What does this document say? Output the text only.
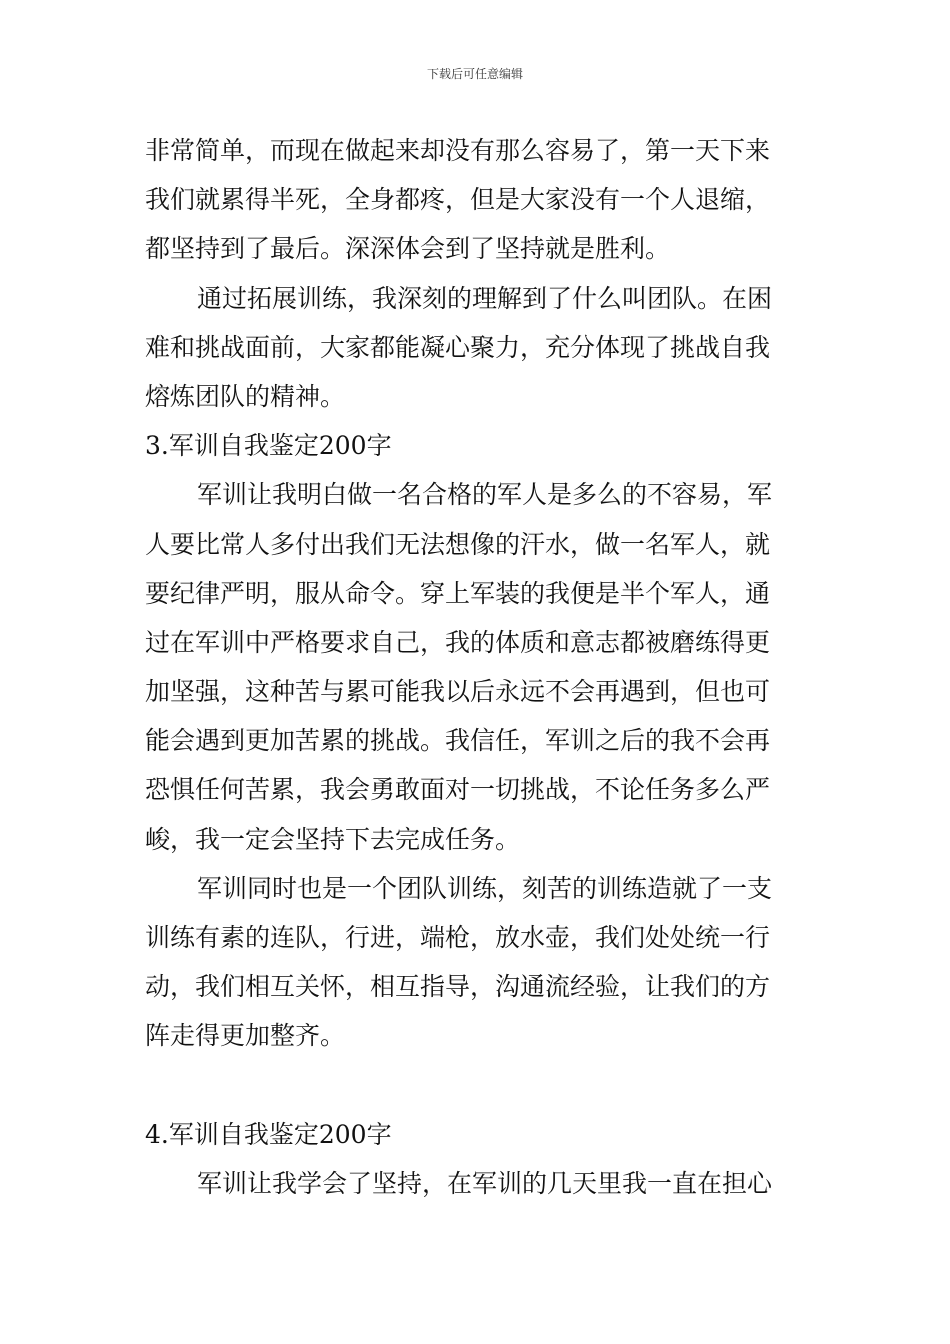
下载后可任意编辑
非常简单，而现在做起来却没有那么容易了，第一天下来
我们就累得半死，全身都疼，但是大家没有一个人退缩，
都坚持到了最后。深深体会到了坚持就是胜利。
通过拓展训练，我深刻的理解到了什么叫团队。在困
难和挑战面前，大家都能凝心聚力，充分体现了挑战自我
熔炼团队的精神。
3.军训自我鉴定200字
军训让我明白做一名合格的军人是多么的不容易，军
人要比常人多付出我们无法想像的汗水，做一名军人，就
要纪律严明，服从命令。穿上军装的我便是半个军人，通
过在军训中严格要求自己，我的体质和意志都被磨练得更
加坚强，这种苦与累可能我以后永远不会再遇到，但也可
能会遇到更加苦累的挑战。我信任，军训之后的我不会再
恐惧任何苦累，我会勇敢面对一切挑战，不论任务多么严
峻，我一定会坚持下去完成任务。
军训同时也是一个团队训练，刻苦的训练造就了一支
训练有素的连队，行进，端枪，放水壶，我们处处统一行
动，我们相互关怀，相互指导，沟通流经验，让我们的方
阵走得更加整齐。
4.军训自我鉴定200字
军训让我学会了坚持，在军训的几天里我一直在担心
